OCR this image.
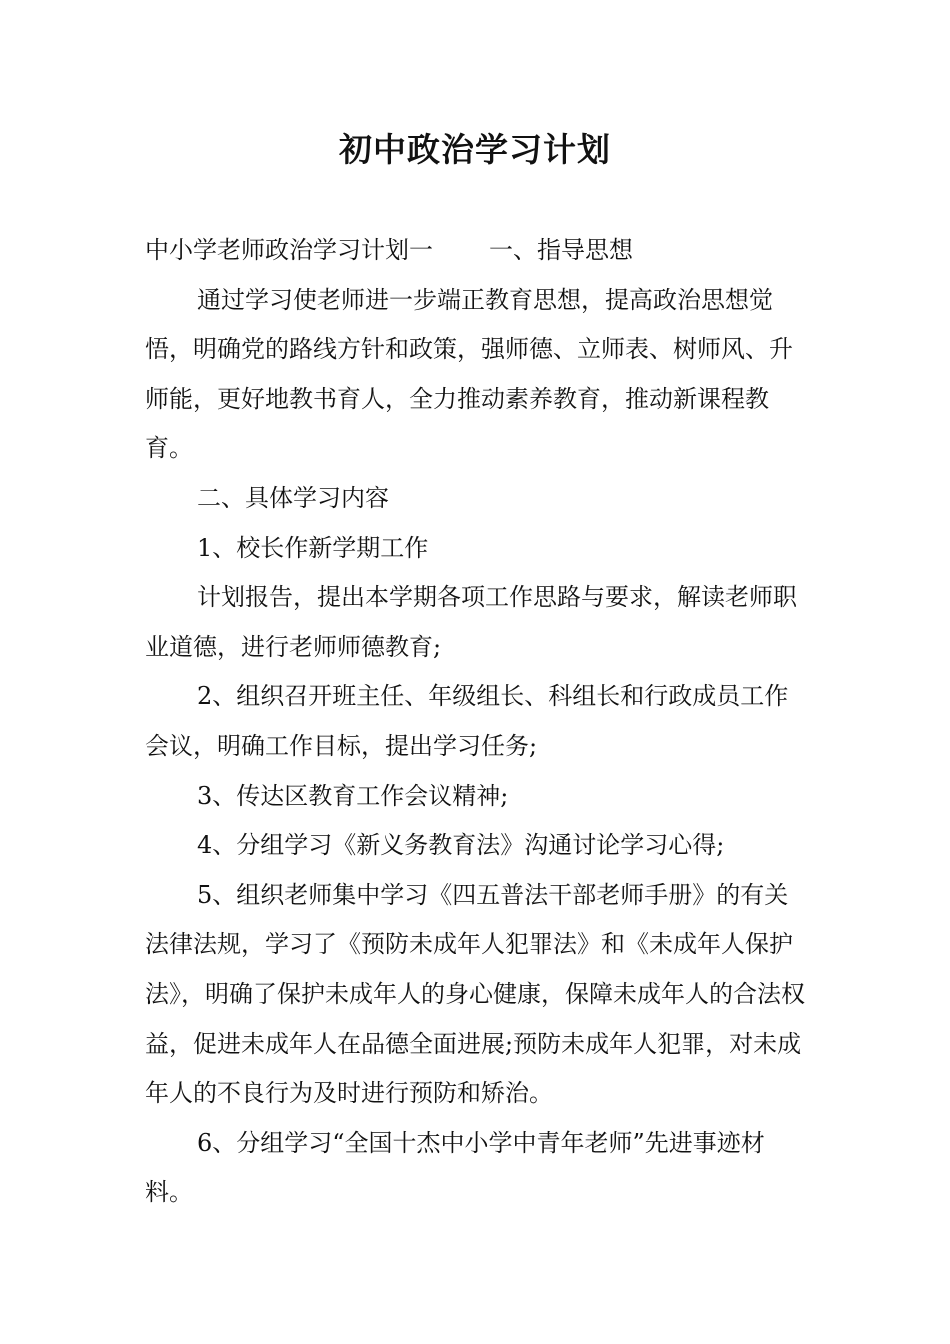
初中政治学习计划

中小学老师政治学习计划一 一、指导思想

通过学习使老师进一步端正教育思想，提高政治思想觉悟，明确党的路线方针和政策，强师德、立师表、树师风、升师能，更好地教书育人，全力推动素养教育，推动新课程教育。

二、具体学习内容

1、校长作新学期工作

计划报告，提出本学期各项工作思路与要求，解读老师职业道德，进行老师师德教育;

2、组织召开班主任、年级组长、科组长和行政成员工作会议，明确工作目标，提出学习任务;

3、传达区教育工作会议精神;

4、分组学习《新义务教育法》沟通讨论学习心得;

5、组织老师集中学习《四五普法干部老师手册》的有关法律法规，学习了《预防未成年人犯罪法》和《未成年人保护法》，明确了保护未成年人的身心健康，保障未成年人的合法权益，促进未成年人在品德全面进展;预防未成年人犯罪，对未成年人的不良行为及时进行预防和矫治。

6、分组学习“全国十杰中小学中青年老师”先进事迹材料。
